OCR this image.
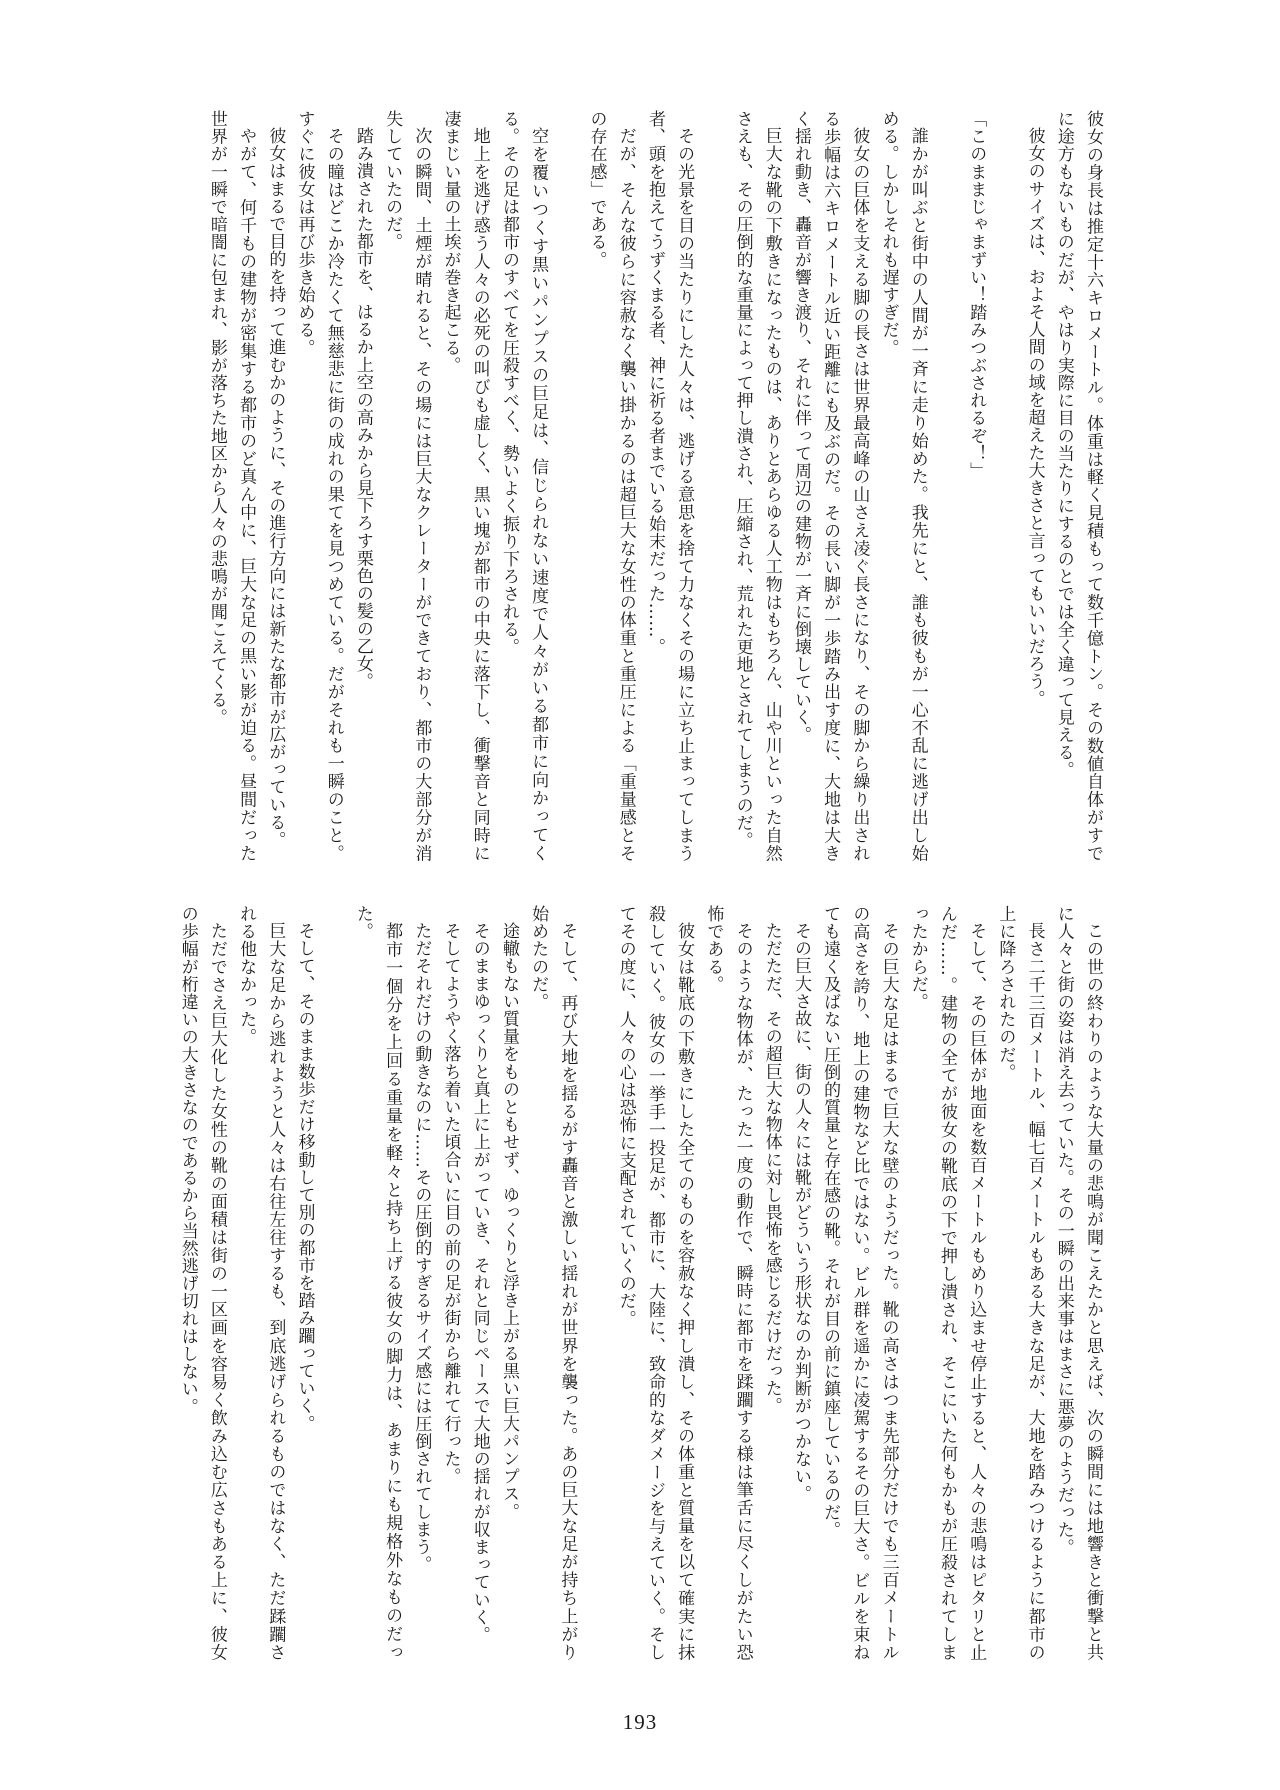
彼女の身長は推定十六キロメートル。体重は軽く見積もって数千億トン。その数値自体がすでに途方もないものだが、やはり実際に目の当たりにするのとでは全く違って見える。

彼女のサイズは、およそ人間の域を超えた大きさと言ってもいいだろう。

「このままじゃまずい！踏みつぶされるぞ！」

誰かが叫ぶと街中の人間が一斉に走り始めた。我先にと、誰も彼もが一心不乱に逃げ出し始める。しかしそれも遅すぎだ。

彼女の巨体を支える脚の長さは世界最高峰の山さえ凌ぐ長さになり、その脚から繰り出される歩幅は六キロメートル近い距離にも及ぶのだ。その長い脚が一歩踏み出す度に、大地は大きく揺れ動き、轟音が響き渡り、それに伴って周辺の建物が一斉に倒壊していく。

巨大な靴の下敷きになったものは、ありとあらゆる人工物はもちろん、山や川といった自然さえも、その圧倒的な重量によって押し潰され、圧縮され、荒れた更地とされてしまうのだ。

その光景を目の当たりにした人々は、逃げる意思を捨て力なくその場に立ち止まってしまう者、頭を抱えてうずくまる者、神に祈る者までいる始末だった……。

だが、そんな彼らに容赦なく襲い掛かるのは超巨大な女性の体重と重圧による「重量感とその存在感」である。

空を覆いつくす黒いパンプスの巨足は、信じられない速度で人々がいる都市に向かってくる。その足は都市のすべてを圧殺すべく、勢いよく振り下ろされる。

地上を逃げ惑う人々の必死の叫びも虚しく、黒い塊が都市の中央に落下し、衝撃音と同時に凄まじい量の土埃が巻き起こる。

次の瞬間、土煙が晴れると、その場には巨大なクレーターができており、都市の大部分が消失していたのだ。

踏み潰された都市を、はるか上空の高みから見下ろす栗色の髪の乙女。

その瞳はどこか冷たくて無慈悲に街の成れの果てを見つめている。だがそれも一瞬のこと。すぐに彼女は再び歩き始める。

彼女はまるで目的を持って進むかのように、その進行方向には新たな都市が広がっている。

やがて、何千もの建物が密集する都市のど真ん中に、巨大な足の黒い影が迫る。昼間だった世界が一瞬で暗闇に包まれ、影が落ちた地区から人々の悲鳴が聞こえてくる。

この世の終わりのような大量の悲鳴が聞こえたかと思えば、次の瞬間には地響きと衝撃と共に人々と街の姿は消え去っていた。その一瞬の出来事はまさに悪夢のようだった。

長さ二千三百メートル、幅七百メートルもある大きな足が、大地を踏みつけるように都市の上に降ろされたのだ。

そして、その巨体が地面を数百メートルもめり込ませ停止すると、人々の悲鳴はピタリと止んだ……。建物の全てが彼女の靴底の下で押し潰され、そこにいた何もかもが圧殺されてしまったからだ。

その巨大な足はまるで巨大な壁のようだった。靴の高さはつま先部分だけでも三百メートルの高さを誇り、地上の建物など比ではない。ビル群を遥かに凌駕するその巨大さ。ビルを束ねても遠く及ばない圧倒的質量と存在感の靴。それが目の前に鎮座しているのだ。

その巨大さ故に、街の人々には靴がどういう形状なのか判断がつかない。

ただただ、その超巨大な物体に対し畏怖を感じるだけだった。

そのような物体が、たった一度の動作で、瞬時に都市を蹂躙する様は筆舌に尽くしがたい恐怖である。

彼女は靴底の下敷きにした全てのものを容赦なく押し潰し、その体重と質量を以て確実に抹殺していく。彼女の一挙手一投足が、都市に、大陸に、致命的なダメージを与えていく。そしてその度に、人々の心は恐怖に支配されていくのだ。

そして、再び大地を揺るがす轟音と激しい揺れが世界を襲った。あの巨大な足が持ち上がり始めたのだ。

途轍もない質量をものともせず、ゆっくりと浮き上がる黒い巨大パンプス。

そのままゆっくりと真上に上がっていき、それと同じペースで大地の揺れが収まっていく。

そしてようやく落ち着いた頃合いに目の前の足が街から離れて行った。

ただそれだけの動きなのに……その圧倒的すぎるサイズ感には圧倒されてしまう。

都市一個分を上回る重量を軽々と持ち上げる彼女の脚力は、あまりにも規格外なものだった。

そして、そのまま数歩だけ移動して別の都市を踏み躙っていく。

巨大な足から逃れようと人々は右往左往するも、到底逃げられるものではなく、ただ蹂躙される他なかった。

ただでさえ巨大化した女性の靴の面積は街の一区画を容易く飲み込む広さもある上に、彼女の歩幅が桁違いの大きさなのであるから当然逃げ切れはしない。

193
